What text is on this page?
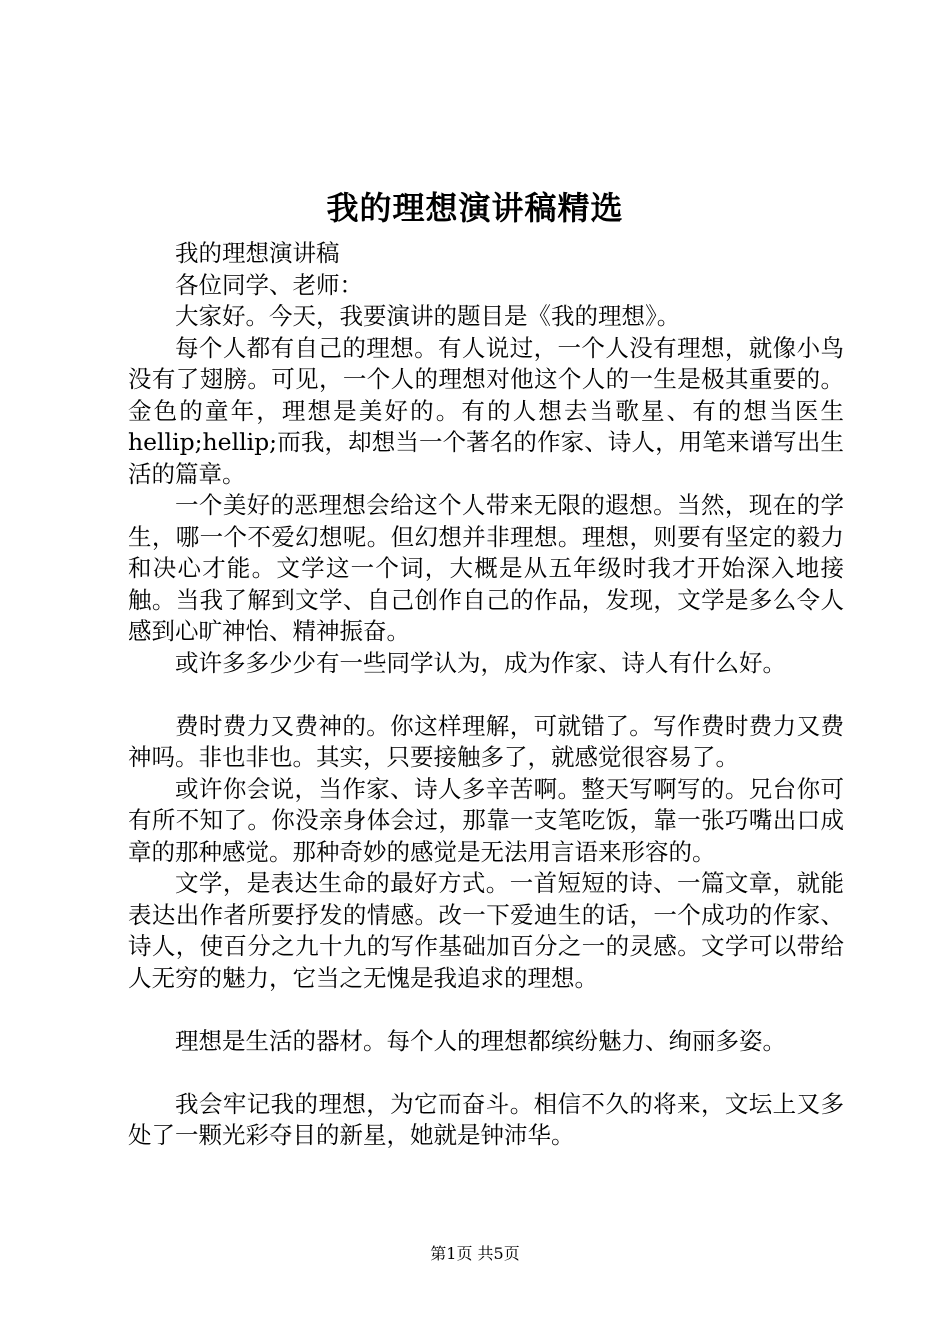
我的理想演讲稿精选

我的理想演讲稿

各位同学、老师：

大家好。今天，我要演讲的题目是《我的理想》。

每个人都有自己的理想。有人说过，一个人没有理想，就像小鸟没有了翅膀。可见，一个人的理想对他这个人的一生是极其重要的。金色的童年，理想是美好的。有的人想去当歌星、有的想当医生hellip;hellip;而我，却想当一个著名的作家、诗人，用笔来谱写出生活的篇章。

一个美好的恶理想会给这个人带来无限的遐想。当然，现在的学生，哪一个不爱幻想呢。但幻想并非理想。理想，则要有坚定的毅力和决心才能。文学这一个词，大概是从五年级时我才开始深入地接触。当我了解到文学、自己创作自己的作品，发现，文学是多么令人感到心旷神怡、精神振奋。

或许多多少少有一些同学认为，成为作家、诗人有什么好。

费时费力又费神的。你这样理解，可就错了。写作费时费力又费神吗。非也非也。其实，只要接触多了，就感觉很容易了。

或许你会说，当作家、诗人多辛苦啊。整天写啊写的。兄台你可有所不知了。你没亲身体会过，那靠一支笔吃饭，靠一张巧嘴出口成章的那种感觉。那种奇妙的感觉是无法用言语来形容的。

文学，是表达生命的最好方式。一首短短的诗、一篇文章，就能表达出作者所要抒发的情感。改一下爱迪生的话，一个成功的作家、诗人，使百分之九十九的写作基础加百分之一的灵感。文学可以带给人无穷的魅力，它当之无愧是我追求的理想。

理想是生活的器材。每个人的理想都缤纷魅力、绚丽多姿。

我会牢记我的理想，为它而奋斗。相信不久的将来，文坛上又多处了一颗光彩夺目的新星，她就是钟沛华。

第1页 共5页
